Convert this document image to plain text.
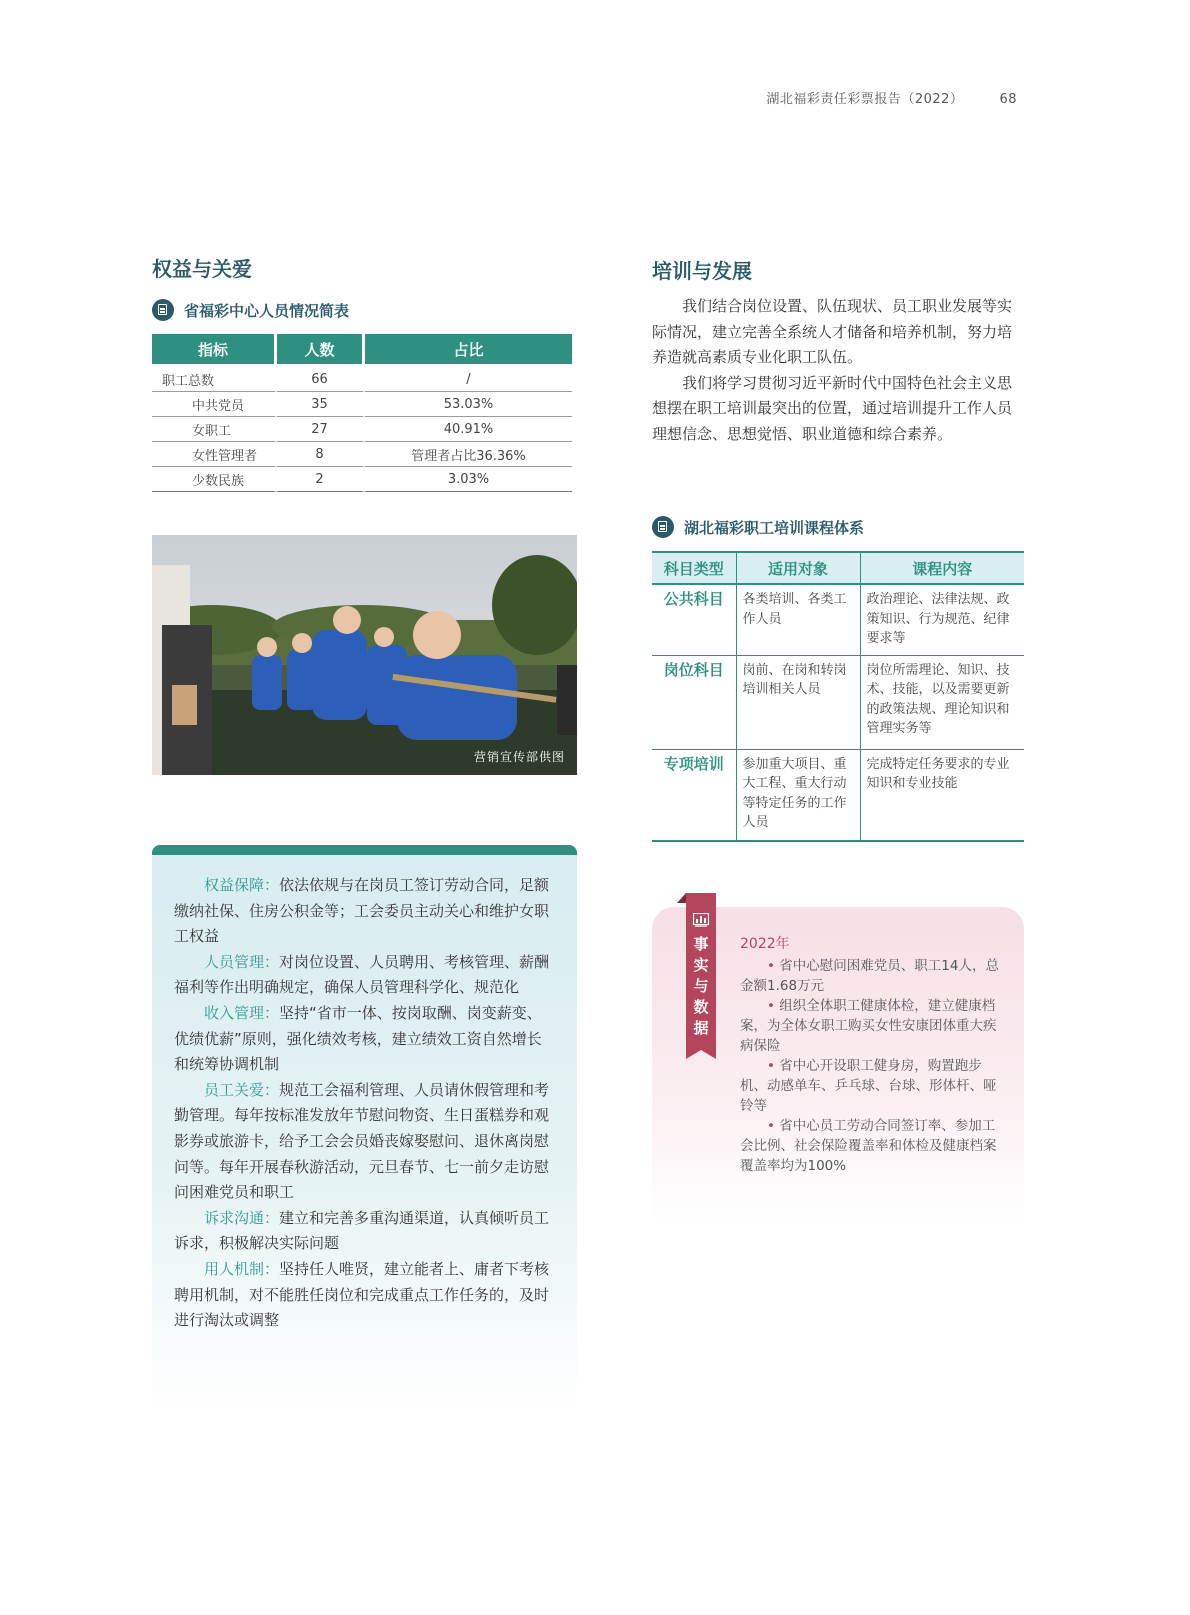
湖北福彩责任彩票报告（2022）	68
权益与关爱
省福彩中心人员情况简表
指标	人数	占比
职工总数	66	/
中共党员	35	53.03%
女职工	27	40.91%
女性管理者	8	管理者占比36.36%
少数民族	2	3.03%
营销宣传部供图

权益保障：依法依规与在岗员工签订劳动合同，足额缴纳社保、住房公积金等；工会委员主动关心和维护女职工权益

人员管理：对岗位设置、人员聘用、考核管理、薪酬福利等作出明确规定，确保人员管理科学化、规范化

收入管理：坚持“省市一体、按岗取酬、岗变薪变、优绩优薪”原则，强化绩效考核，建立绩效工资自然增长和统筹协调机制

员工关爱：规范工会福利管理、人员请休假管理和考勤管理。每年按标准发放年节慰问物资、生日蛋糕券和观影券或旅游卡，给予工会会员婚丧嫁娶慰问、退休离岗慰问等。每年开展春秋游活动，元旦春节、七一前夕走访慰问困难党员和职工

诉求沟通：建立和完善多重沟通渠道，认真倾听员工诉求，积极解决实际问题

用人机制：坚持任人唯贤，建立能者上、庸者下考核聘用机制，对不能胜任岗位和完成重点工作任务的，及时进行淘汰或调整

培训与发展

我们结合岗位设置、队伍现状、员工职业发展等实际情况，建立完善全系统人才储备和培养机制，努力培养造就高素质专业化职工队伍。

我们将学习贯彻习近平新时代中国特色社会主义思想摆在职工培训最突出的位置，通过培训提升工作人员理想信念、思想觉悟、职业道德和综合素养。

湖北福彩职工培训课程体系
科目类型	适用对象	课程内容
公共科目	各类培训、各类工作人员	政治理论、法律法规、政策知识、行为规范、纪律要求等
岗位科目	岗前、在岗和转岗培训相关人员	岗位所需理论、知识、技术、技能，以及需要更新的政策法规、理论知识和管理实务等
专项培训	参加重大项目、重大工程、重大行动等特定任务的工作人员	完成特定任务要求的专业知识和专业技能
事
实
与
数
据
2022年

• 省中心慰问困难党员、职工14人，总金额1.68万元

• 组织全体职工健康体检，建立健康档案，为全体女职工购买女性安康团体重大疾病保险

• 省中心开设职工健身房，购置跑步机、动感单车、乒乓球、台球、形体杆、哑铃等

• 省中心员工劳动合同签订率、参加工会比例、社会保险覆盖率和体检及健康档案覆盖率均为100%
